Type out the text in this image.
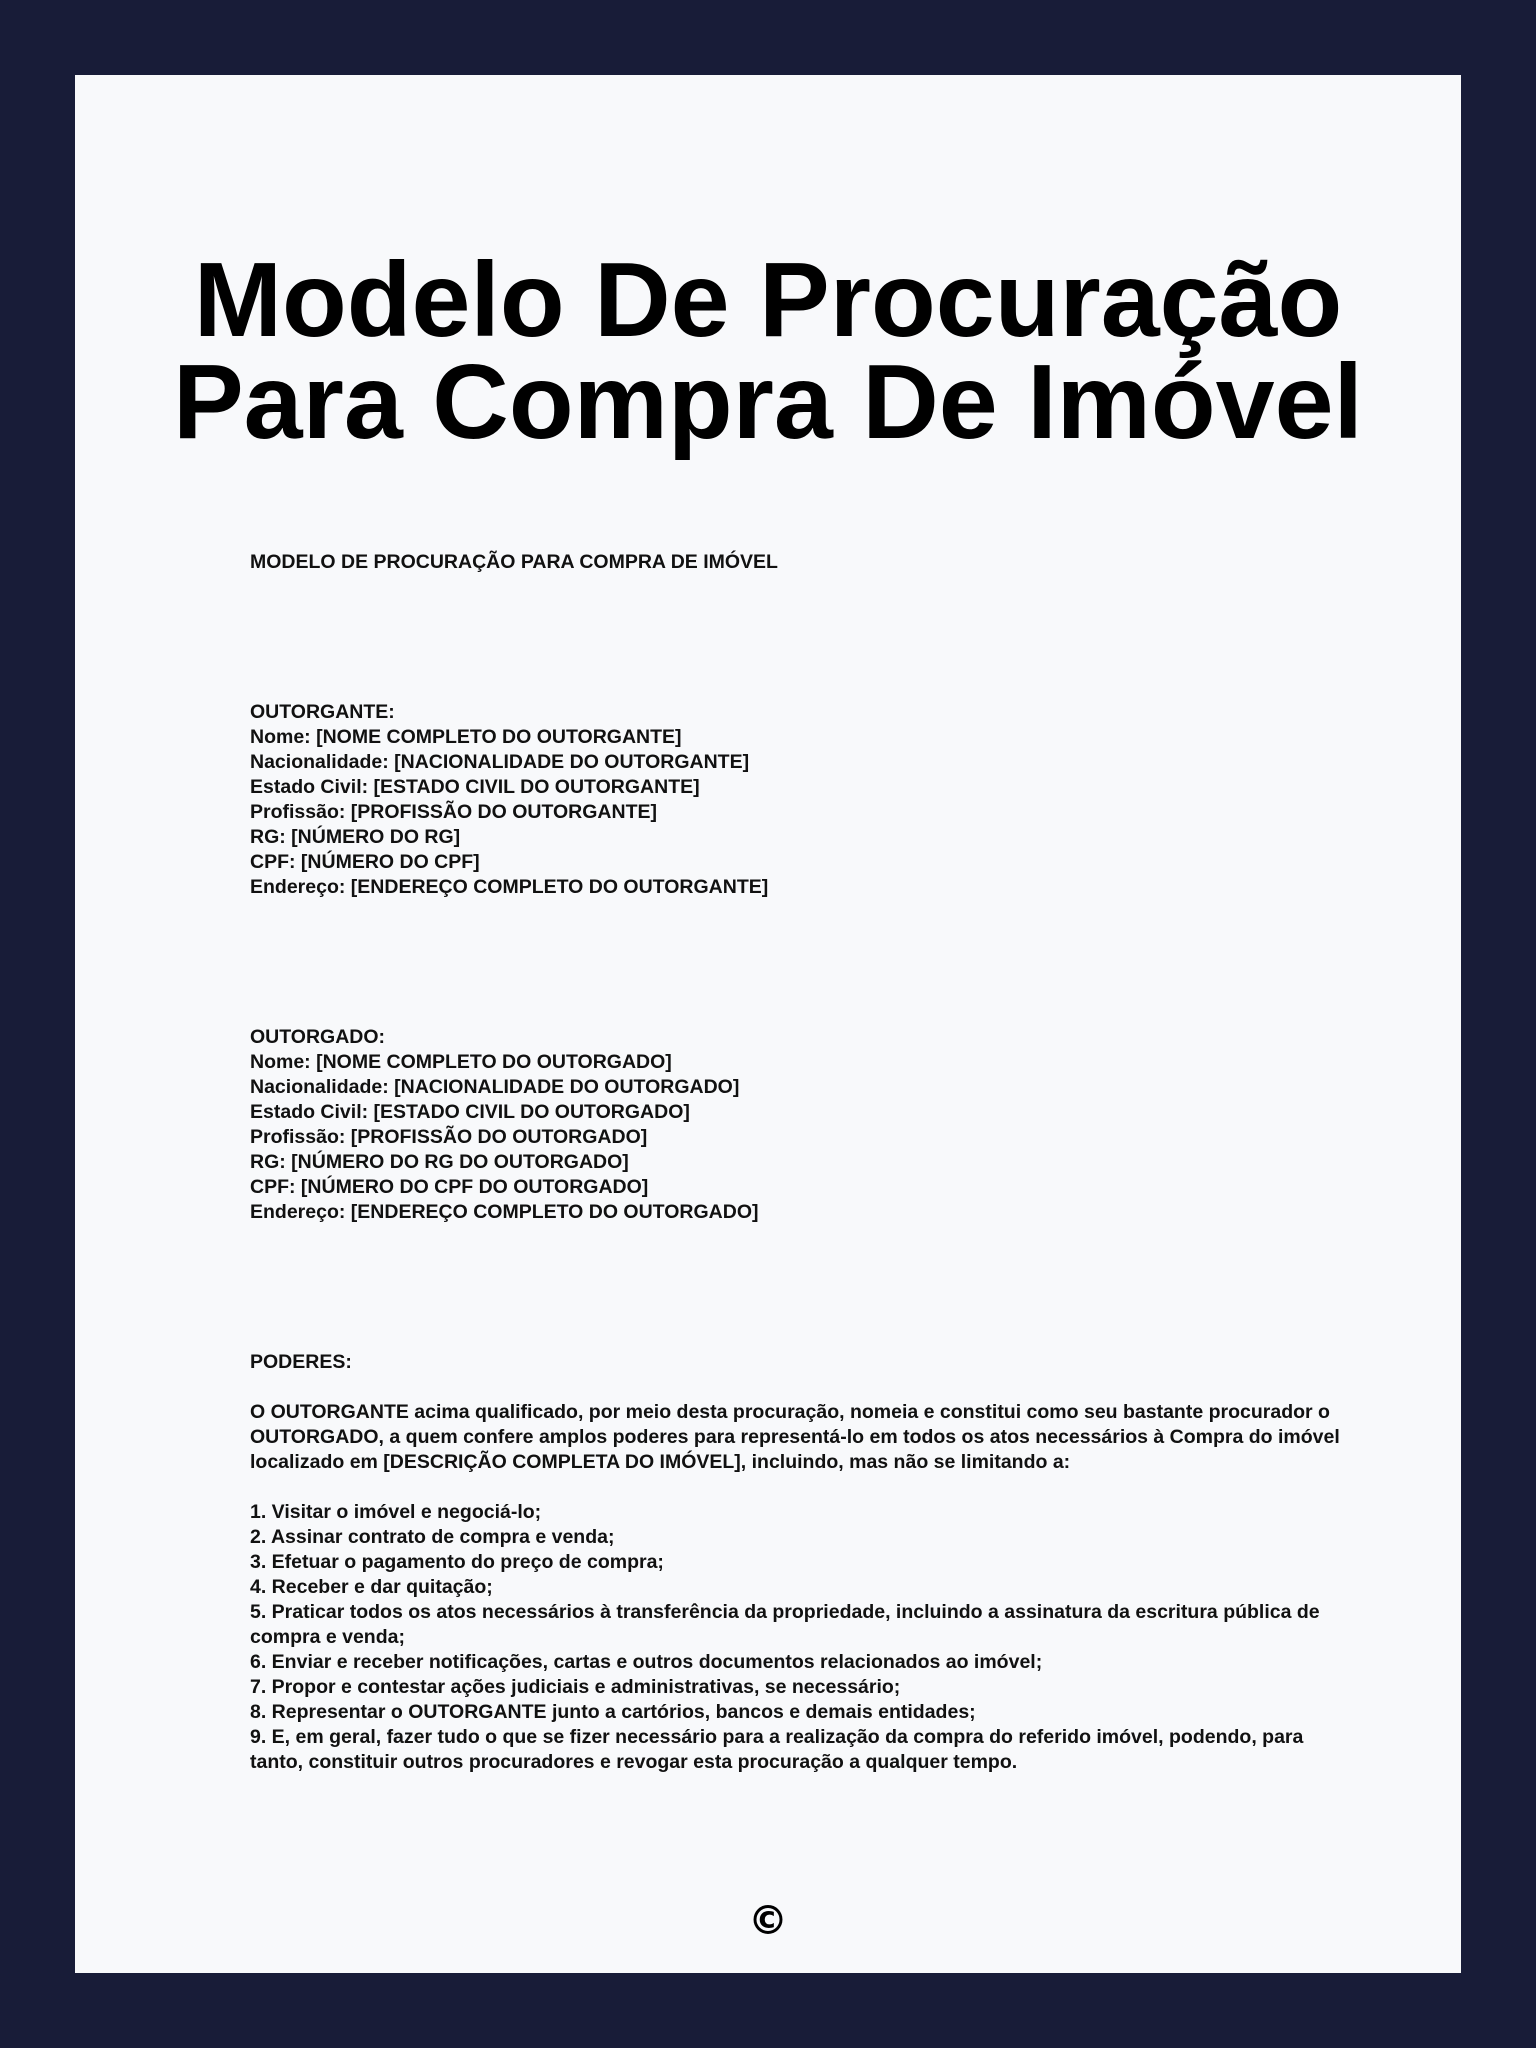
Modelo De Procuração Para Compra De Imóvel
MODELO DE PROCURAÇÃO PARA COMPRA DE IMÓVEL
OUTORGANTE:
Nome: [NOME COMPLETO DO OUTORGANTE]
Nacionalidade: [NACIONALIDADE DO OUTORGANTE]
Estado Civil: [ESTADO CIVIL DO OUTORGANTE]
Profissão: [PROFISSÃO DO OUTORGANTE]
RG: [NÚMERO DO RG]
CPF: [NÚMERO DO CPF]
Endereço: [ENDEREÇO COMPLETO DO OUTORGANTE]
OUTORGADO:
Nome: [NOME COMPLETO DO OUTORGADO]
Nacionalidade: [NACIONALIDADE DO OUTORGADO]
Estado Civil: [ESTADO CIVIL DO OUTORGADO]
Profissão: [PROFISSÃO DO OUTORGADO]
RG: [NÚMERO DO RG DO OUTORGADO]
CPF: [NÚMERO DO CPF DO OUTORGADO]
Endereço: [ENDEREÇO COMPLETO DO OUTORGADO]
PODERES:
O OUTORGANTE acima qualificado, por meio desta procuração, nomeia e constitui como seu bastante procurador o OUTORGADO, a quem confere amplos poderes para representá-lo em todos os atos necessários à Compra do imóvel localizado em [DESCRIÇÃO COMPLETA DO IMÓVEL], incluindo, mas não se limitando a:
1. Visitar o imóvel e negociá-lo;
2. Assinar contrato de compra e venda;
3. Efetuar o pagamento do preço de compra;
4. Receber e dar quitação;
5. Praticar todos os atos necessários à transferência da propriedade, incluindo a assinatura da escritura pública de compra e venda;
6. Enviar e receber notificações, cartas e outros documentos relacionados ao imóvel;
7. Propor e contestar ações judiciais e administrativas, se necessário;
8. Representar o OUTORGANTE junto a cartórios, bancos e demais entidades;
9. E, em geral, fazer tudo o que se fizer necessário para a realização da compra do referido imóvel, podendo, para tanto, constituir outros procuradores e revogar esta procuração a qualquer tempo.
©
